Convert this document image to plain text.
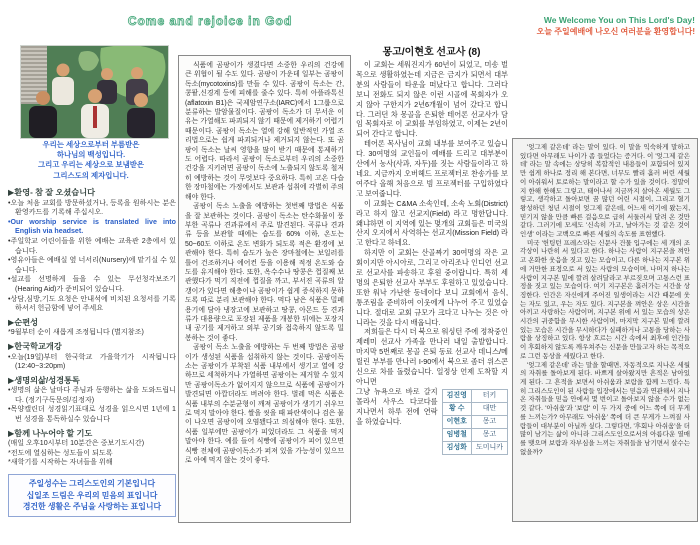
Come and rejoice in God	We Welcome You on This Lord's Day!
오늘 주일예배에 나오신 여러분을 환영합니다!
우리는 세상으로부터 부름받은
하나님의 백성입니다.
그리고 우리는 세상으로 보냄받은
그리스도의 제자입니다.
▶환영- 참 잘 오셨습니다
•오늘 처음 교회를 방문하셨거나, 등록을 원하시는 분은 환영카드를 기록해 주십시오.
•Our worship service is translated live into English via headset.
•주일학교 어린이들을 위한 예배는 교육관 2층에서 있습니다.
•영유아들은 예배실 옆 너서리(Nursery)에 맡기실 수 있습니다.
•설교를 선명하게 들을 수 있는 무선청각보조기(Hearing Aid)가 준비되어 있습니다.
•상담,심방,기도 요청은 안내석에 비치된 요청서를 기록하셔서 헌금함에 넣어 주세요
▶순편성
*9월부터 순이 새롭게 조정됩니다 (별지참조)
▶한국학교개강
•오늘(19일)부터 한국학교 가을학기가 시작됩니다 (12:40~3:20pm)
▶생명의삶/성경통독
•생명의 삶은 날마다 주님과 동행하는 삶을 도와드립니다. (정기구독문의/김정자)
•목양캘린더 성경읽기표대로 성경을 읽으시면 1년에 1번 성경을 통독하실수 있습니다
▶함께 나누어야 할 기도
(매일 오후10시부터 10분간은 중보기도시간)
*전도에 열심하는 성도들이 되도록
*새학기를 시작하는 자녀들을 위해
주일성수는 그리스도인의 기본입니다
십일조 드림은 우리의 믿음의 표입니다
경건한 생활은 주님을 사랑하는 표입니다

식품에 곰팡이가 생겼다면 소중한 우리의 건강에 큰 위협이 될 수도 있다. 곰팡이 가운데 일부는 곰팡이 독소(mycotoxins)를 만들 수 있다. 곰팡이 독소는 간,콩팥,신경계 등에 피해를 줄수 있다. 특히 아플라톡신(aflatoxin B1)은 국제암연구소(IARC)에서 1그룹으로 분류하는 발암물질이다. 곰팡이 독소가 더 무서운 이유는 가열해도 파괴되지 않기 때문에 제거하기 어렵기 때문이다. 곰팡이 독소는 열에 강해 일반적인 가열 조리법으로는 쉽게 파괴되거나 제거되지 않는다. 또 곰팡이 독소는 날씨 영향을 많이 받기 때문에 통제하기도 어렵다. 따라서 곰팡이 독소로부터 우리의 소중한 건강을 지키려면 곰팡이 독소에 노출되지 않도록 철저히 예방하는 것이 무엇보다 중요하다. 특히 고온 다습한 장마철에는 가정에서도 보관과 섭취에 각별히 주의해야 한다.

곰팡이 독소 노출을 예방하는 첫번째 방법은 식품을 잘 보관하는 것이다. 곰팡이 독소는 탄수화물이 풍부한 곡류나 견과류에서 주로 발견된다. 곡류나 견과류 등을 보관할 때에는 습도를 60% 이하, 온도는 50~60도 이하로 온도 변화가 되도록 적은 환경에 보관해야 한다. 특히 습도가 높은 장마철에는 보일러를 틀어 건조하거나 에어컨 등을 이용해 적정 온도와 습도를 유지해야 한다. 또한, 옥수수나 땅콩은 껍질째 보관했다가 먹기 직전에 껍질을 까고, 부서진 곡류의 알갱이가 있다면 해충이나 곰팡이가 쉽게 증식하지 못하도록 따로 분리 보관해야 한다. 먹다 남은 식품은 밀폐용기에 담아 냉장고에 보관하고 땅콩, 아몬드 등 견과류가 대용량으로 포장된 제품을 개봉한 뒤에는 포장지 내 공기를 제거하고 외부 공기와 접촉하지 않도록 밀봉하는 것이 좋다.

곰팡이 독소 노출을 예방하는 두 번째 방법은 곰팡이가 생성된 식품을 섭취하지 않는 것이다. 곰팡이독소는 곰팡이가 부착된 식품 내부에서 생기고 열에 강하므로 세척하거나 가열하면 곰팡이는 제거할 수 있지만 곰팡이독소가 없어지지 않으므로 식품에 곰팡이가 발견되면 아깝더라도 버려야 한다. 벌레 먹은 식품은 식품 내부의 수분균형이 깨져 곰팡이가 생기기 쉬우므로 먹지 말아야 한다. 쌀을 씻을 때 파란색이나 검은 물이 나오면 곰팡이에 오염됐다고 의심해야 한다. 또한, 식품 일부에만 곰팡이가 피었더라도 그 식품을 먹지 말아야 한다. 예를 들어 식빵에 곰팡이가 피어 있으면 식빵 전체에 곰팡이독소가 퍼져 있을 가능성이 있으므로 아예 먹지 않는 것이 좋다.

몽고/이현호 선교사 (8)

이 교회는 세워진지가 60년이 되었고, 미송 벌목으로 생활하였는데 지금은 금지가 되면서 대부분의 사람들이 타운을 떠났다고 합니다. 그러다 보니 전화도 되지 않은 이런 시골에 목회자가 오지 않아 구한지가 2년6개월이 넘어 갔다고 합니다. 그러던 차 몽골을 은퇴한 테어론 선교사가 담임 목회자로 이 교회를 부임하였고, 이제는 2년이 되어 간다고 합니다.

테어론 목사님이 교회 내부를 보여주고 있습니다. 30여명의 교인들이 예배를 드리고 대부분이 산에서 농사(사과, 자두)를 짓는 사람들이라고 하네요. 지금까지 오버헤드 프로젝터로 찬송가를 보여주다 올해 처음으로 빔 프로젝터를 구입하였다고 보여줍니다.

이 교회는 C&MA 소속인데, 소속 노회(District)라고 하지 않고 선교지(Field) 라고 명한답니다. 왜냐하면 이 지역에 있는 몇개의 교회들은 미국의 산지 오지에서 사역하는 선교지(Mission Field) 라고 한다고 하네요.

하지만 이 교회는 산골짜기 30여명의 작은 교회이지만 아시아로, 그리고 아리조나 인디언 선교로 선교사를 파송하고 후원 중이랍니다. 특히 세명의 은퇴한 선교사 부부도 후원하고 있었습니다. 또한 워낙 가난한 동네이다 보니 교회에서 음식, 통조림을 준비하여 이웃에게 나누어 주고 있었습니다. 절대로 교회 규모가 크다고 나누는 것은 아니라는 것을 다시 배웁니다.

저희들은 다시 더 북으로 워싱턴 주에 정착중인 제레미 선교사 가족을 만나러 내일 출발합니다. 마지막 5번째로 몽골 은퇴 동료 선교사 데니스/메릴린 부부를 만나러 I-90에서 북으로 좀더 위스콘신으로 차를 돌렸습니다. 일정상 언제 도착할 지 아니면

김진영	터키
황 수	대만
이현호	몽고
임병철	몽고
김성화	도미니카

그냥 뉴욕으로 바로 갈지 몰라서 사우스 다코다를 지나면서 하루 전에 연락을 하였습니다.

'엊그제 같은데' 라는 말이 있다. 이 말을 익숙하게 말하고 있다면 아무래도 나이가 좀 들었다는 증거다. 이 '엊그제 같은데' 라는 말 속에는 상당히 복합적인 내용들이 포함되어 있지만 쉽게 하나로 정리 해 본다면, 너무도 빨리 흘러 버린 세월이 아쉬워서 토로하는 말이라고 할 수가 있을 것이다. 정말이지 한해 한해도 그렇고, 태어나서 지금까지 살아온 세월도 그렇고, 생각하고 돌아보면 꿈 많던 어린 시절이, 그리고 혈기 왕성하던 청년 시절이 엊그제 같은데, 어느새 여기에 왔는지, 믿기지 않을 만큼 빠른 걸음으로 급히 서둘러서 달려 온 것만 같다. 그러기에 모세도 '신속히 가고, 날아가는 것 같은 것이 인생' 이라는 고백으로 빠른 세월의 속도를 표현했다.

미국 '헌팅턴 프레스'라는 신문사 건물 입구에는 세 개의 조각상이 나란히 서 있다고 한다. 하나는 사람이 지구본을 껴안고 온화한 웃음을 짓고 있는 모습이고, 다른 하나는 지구본 위에 거만한 표정으로 서 있는 사람의 모습이며, 나머지 하나는 사람이 지구본 밑에 깔려 살려달라고 부르짖으며 고통스런 표정을 짓고 있는 모습이다. 여기 지구본은 흘러가는 시간을 상징한다. 인간은 자신에게 주어진 일생이라는 시간 때문에 웃는 자도 있고, 우는 자도 있다. 지구본을 껴안은 상은 시간을 아끼고 사랑하는 사람이며, 지구본 위에 서 있는 모습의 상은 시간의 귀중함을 무시한 사람이며, 마지막 지구본 밑에 깔려 있는 모습은 시간을 무시하다가 실패하거나 고통을 당하는 사람을 상징하고 있다. 항상 흐르는 시간 속에서 최후에 인간들이 후회하지 않도록 깨우쳐주는 신문을 만들고자 하는 목적으로 그런 동상을 세웠다고 한다.

'엊그제 같은데' 라는 말을 할때면, 자동적으로 지나온 세월의 자취를 돌아보게 된다. 바쁘게 살아왔지만 흔적은 남아있게 된다. 그 흔적을 보면서 아쉬움과 보람을 함께 느낀다. 특히 그리스도인이 된 사람들 입장에서는 믿음과 연관해서 지나온 자취들을 믿음 안에서 몇 번이고 돌아보지 않을 수가 없는 것 같다. '아쉬움'과 '보람' 이 두 가지 중에 어느 쪽에 더 무게를 느끼는가? 아무래도 '아쉬움' 쪽에 더 큰 무게가 느껴질 사람들이 대부분이 아닐까 싶다. 그렇다면, '후회나 아쉬움'을 더 많이 남기는 삶이 아니라 그리스도인으로서의 아름다운 열매를 맺으며 보람과 자부심을 느끼는 자취들을 남기면서 살수는 없을까?
